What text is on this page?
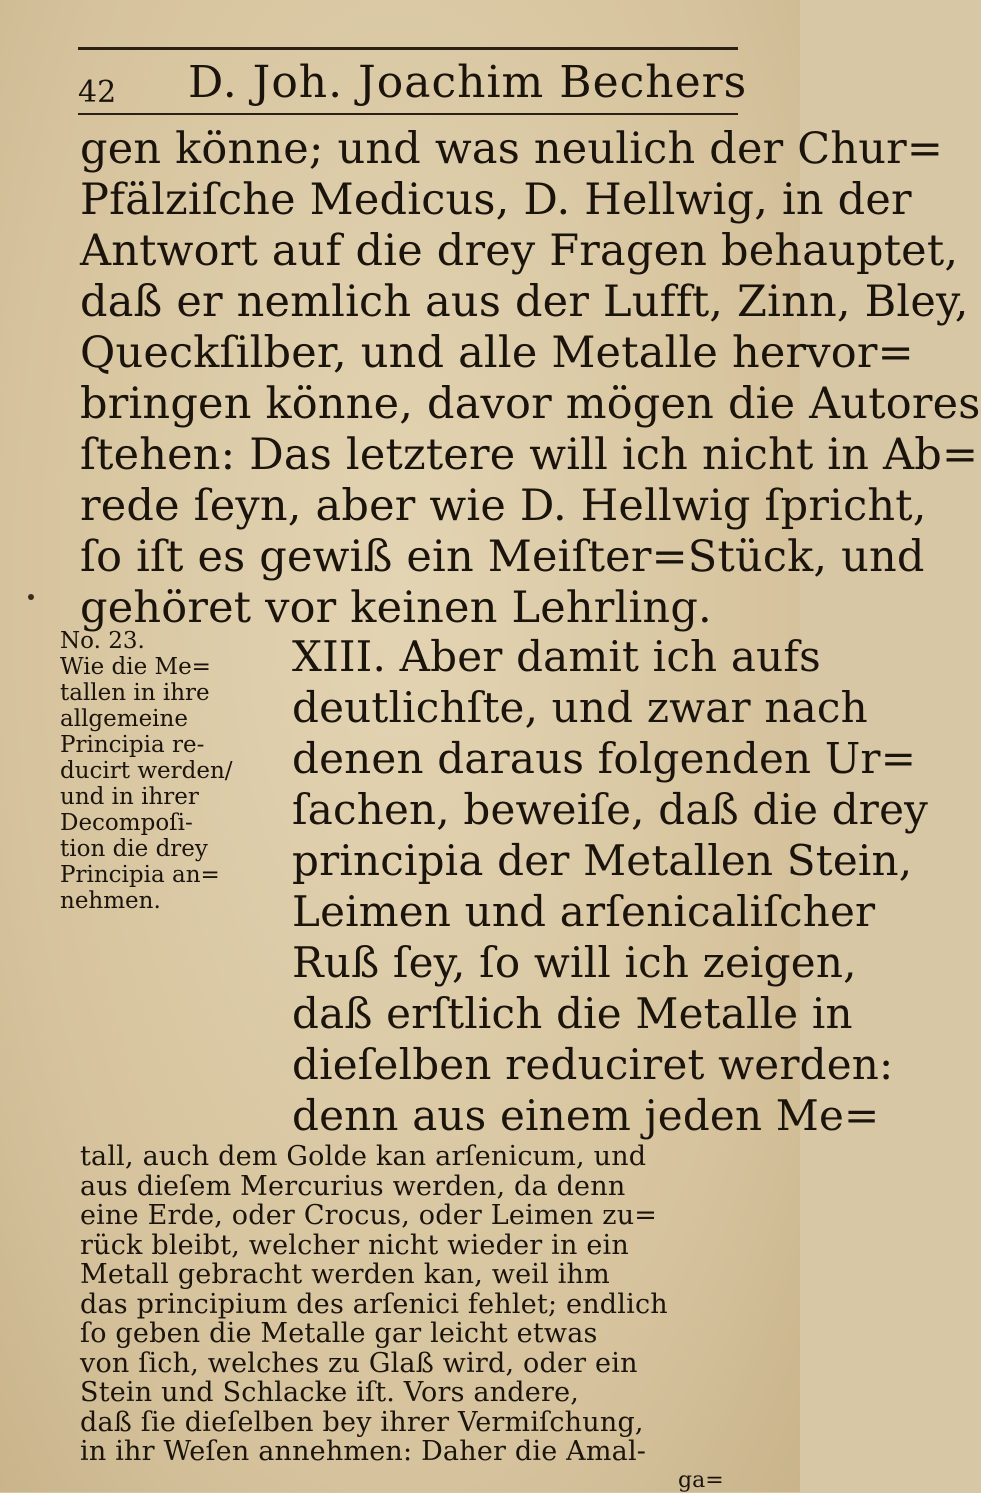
42 D. Joh. Joachim Bechers
gen könne; und was neulich der Chur=
Pfälziſche Medicus, D. Hellwig, in der
Antwort auf die drey Fragen behauptet,
daß er nemlich aus der Lufft, Zinn, Bley,
Queckſilber, und alle Metalle hervor=
bringen könne, davor mögen die Autores
ſtehen: Das letztere will ich nicht in Ab=
rede ſeyn, aber wie D. Hellwig ſpricht,
ſo iſt es gewiß ein Meiſter=Stück, und
gehöret vor keinen Lehrling.
No. 23.
Wie die Me=
tallen in ihre
allgemeine
Principia re-
ducirt werden/
und in ihrer
Decompoſi-
tion die drey
Principia an=
nehmen.
XIII. Aber damit ich aufs
deutlichſte, und zwar nach
denen daraus folgenden Ur=
ſachen, beweiſe, daß die drey
principia der Metallen Stein,
Leimen und arſenicaliſcher
Ruß ſey, ſo will ich zeigen,
daß erſtlich die Metalle in
dieſelben reduciret werden:
denn aus einem jeden Me=
ga=
tall, auch dem Golde kan arſenicum, und
aus dieſem Mercurius werden, da denn
eine Erde, oder Crocus, oder Leimen zu=
rück bleibt, welcher nicht wieder in ein
Metall gebracht werden kan, weil ihm
das principium des arſenici fehlet; endlich
ſo geben die Metalle gar leicht etwas
von ſich, welches zu Glaß wird, oder ein
Stein und Schlacke iſt. Vors andere,
daß ſie dieſelben bey ihrer Vermiſchung,
in ihr Weſen annehmen: Daher die Amal-
